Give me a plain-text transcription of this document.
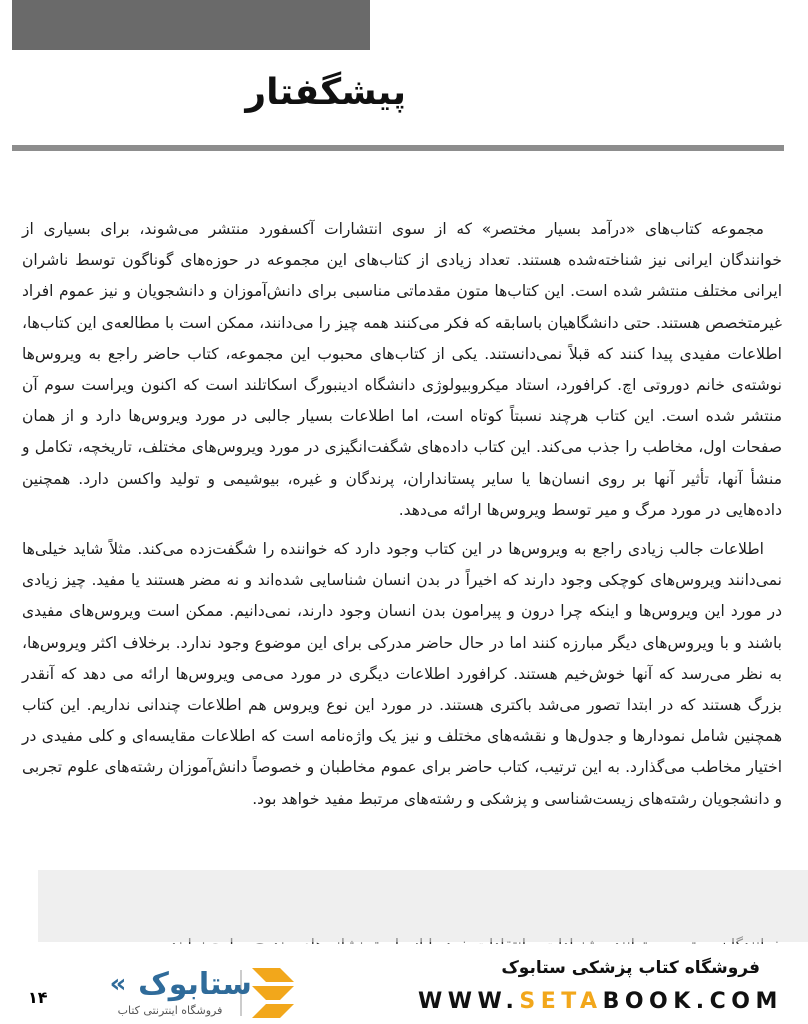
پیشگفتار

مجموعه کتاب‌های «درآمد بسیار مختصر» که از سوی انتشارات آکسفورد منتشر می‌شوند، برای بسیاری از خوانندگان ایرانی نیز شناخته‌شده هستند. تعداد زیادی از کتاب‌های این مجموعه در حوزه‌های گوناگون توسط ناشران ایرانی مختلف منتشر شده است. این کتاب‌ها متون مقدماتی مناسبی برای دانش‌آموزان و دانشجویان و نیز عموم افراد غیرمتخصص هستند. حتی دانشگاهیان باسابقه که فکر می‌کنند همه چیز را می‌دانند، ممکن است با مطالعه‌ی این کتاب‌ها، اطلاعات مفیدی پیدا کنند که قبلاً نمی‌دانستند. یکی از کتاب‌های محبوب این مجموعه، کتاب حاضر راجع به ویروس‌ها نوشته‌ی خانم دوروتی اچ. کرافورد، استاد میکروبیولوژی دانشگاه ادینبورگ اسکاتلند است که اکنون ویراست سوم آن منتشر شده است. این کتاب هرچند نسبتاً کوتاه است، اما اطلاعات بسیار جالبی در مورد ویروس‌ها دارد و از همان صفحات اول، مخاطب را جذب می‌کند. این کتاب داده‌های شگفت‌انگیزی در مورد ویروس‌های مختلف، تاریخچه، تکامل و منشأ آنها، تأثیر آنها بر روی انسان‌ها یا سایر پستانداران، پرندگان و غیره، بیوشیمی و تولید واکسن دارد. همچنین داده‌هایی در مورد مرگ و میر توسط ویروس‌ها ارائه می‌دهد.

اطلاعات جالب زیادی راجع به ویروس‌ها در این کتاب وجود دارد که خواننده را شگفت‌زده می‌کند. مثلاً شاید خیلی‌ها نمی‌دانند ویروس‌های کوچکی وجود دارند که اخیراً در بدن انسان شناسایی شده‌اند و نه مضر هستند یا مفید. چیز زیادی در مورد این ویروس‌ها و اینکه چرا درون و پیرامون بدن انسان وجود دارند، نمی‌دانیم. ممکن است ویروس‌های مفیدی باشند و با ویروس‌های دیگر مبارزه کنند اما در حال حاضر مدرکی برای این موضوع وجود ندارد. برخلاف اکثر ویروس‌ها، به نظر می‌رسد که آنها خوش‌خیم هستند. کرافورد اطلاعات دیگری در مورد می‌می ویروس‌ها ارائه می دهد که آنقدر بزرگ هستند که در ابتدا تصور می‌شد باکتری هستند. در مورد این نوع ویروس هم اطلاعات چندانی نداریم. این کتاب همچنین شامل نمودارها و جدول‌ها و نقشه‌های مختلف و نیز یک واژه‌نامه است که اطلاعات مقایسه‌ای و کلی مفیدی در اختیار مخاطب می‌گذارد. به این ترتیب، کتاب حاضر برای عموم مخاطبان و خصوصاً دانش‌آموزان رشته‌های علوم تجربی و دانشجویان رشته‌های زیست‌شناسی و پزشکی و رشته‌های مرتبط مفید خواهد بود.

۱۴	ستابوک
«
فروشگاه اینترنتی کتاب
فروشگاه کتاب پزشکی ستابوک
WWW.SETABOOK.COM
